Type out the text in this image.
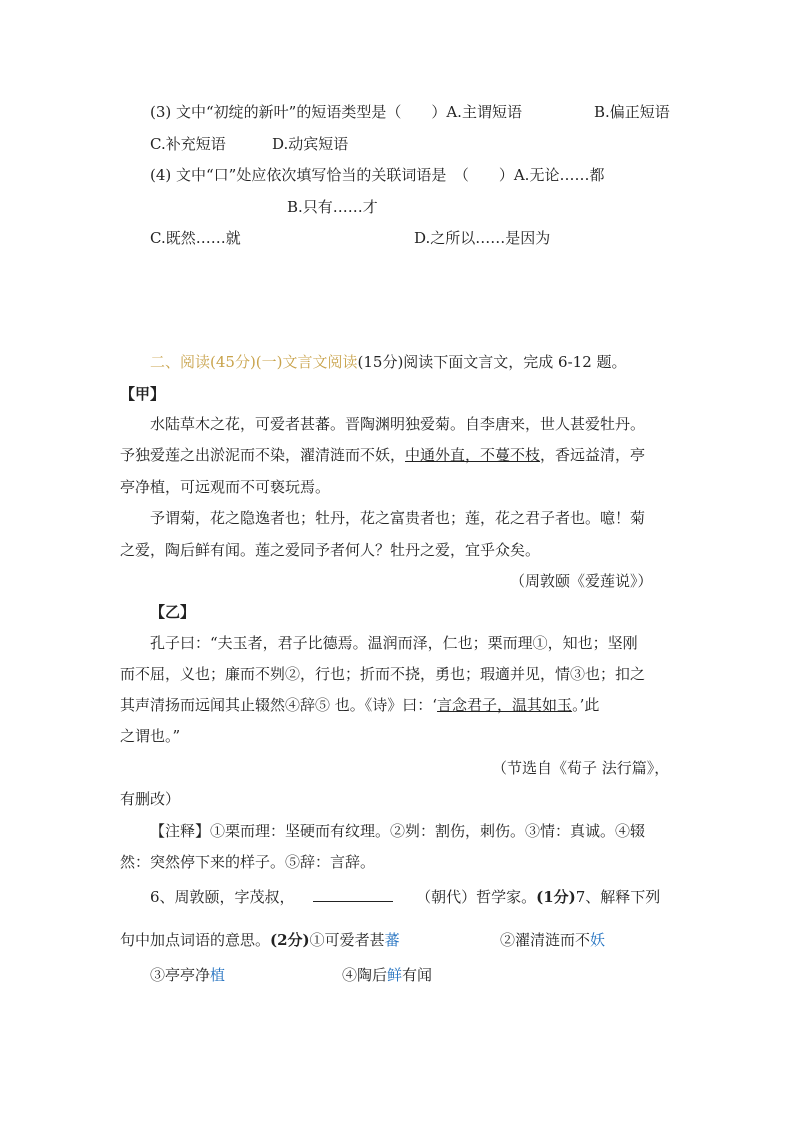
(3) 文中“初绽的新叶”的短语类型是（　　）A.主谓短语	B.偏正短语
C.补充短语	D.动宾短语
(4) 文中“口”处应依次填写恰当的关联词语是　（　　）A.无论……都
B.只有……才
C.既然……就	D.之所以……是因为
二、阅读(45分)(一)文言文阅读(15分)阅读下面文言文，完成 6-12 题。
【甲】
水陆草木之花，可爱者甚蕃。晋陶渊明独爱菊。自李唐来，世人甚爱牡丹。
予独爱莲之出淤泥而不染，濯清涟而不妖，中通外直，不蔓不枝，香远益清，亭
亭净植，可远观而不可亵玩焉。
予谓菊，花之隐逸者也；牡丹，花之富贵者也；莲，花之君子者也。噫！菊
之爱，陶后鲜有闻。莲之爱同予者何人？牡丹之爱，宜乎众矣。
（周敦颐《爱莲说》）
【乙】
孔子曰：“夫玉者，君子比德焉。温润而泽，仁也；栗而理①，知也；坚刚
而不屈，义也；廉而不刿②，行也；折而不挠，勇也；瑕適并见，情③也；扣之
其声清扬而远闻其止辍然④辞⑤ 也。《诗》曰：‘言念君子，温其如玉。’此
之谓也。”
（节选自《荀子 法行篇》，
有删改）
【注释】①栗而理：坚硬而有纹理。②刿：割伤，刺伤。③情：真诚。④辍
然：突然停下来的样子。⑤辞：言辞。
6、周敦颐，字茂叔，	（朝代）哲学家。(1分)7、解释下列
句中加点词语的意思。(2分)①可爱者甚蕃	②濯清涟而不妖
③亭亭净植	④陶后鲜有闻
